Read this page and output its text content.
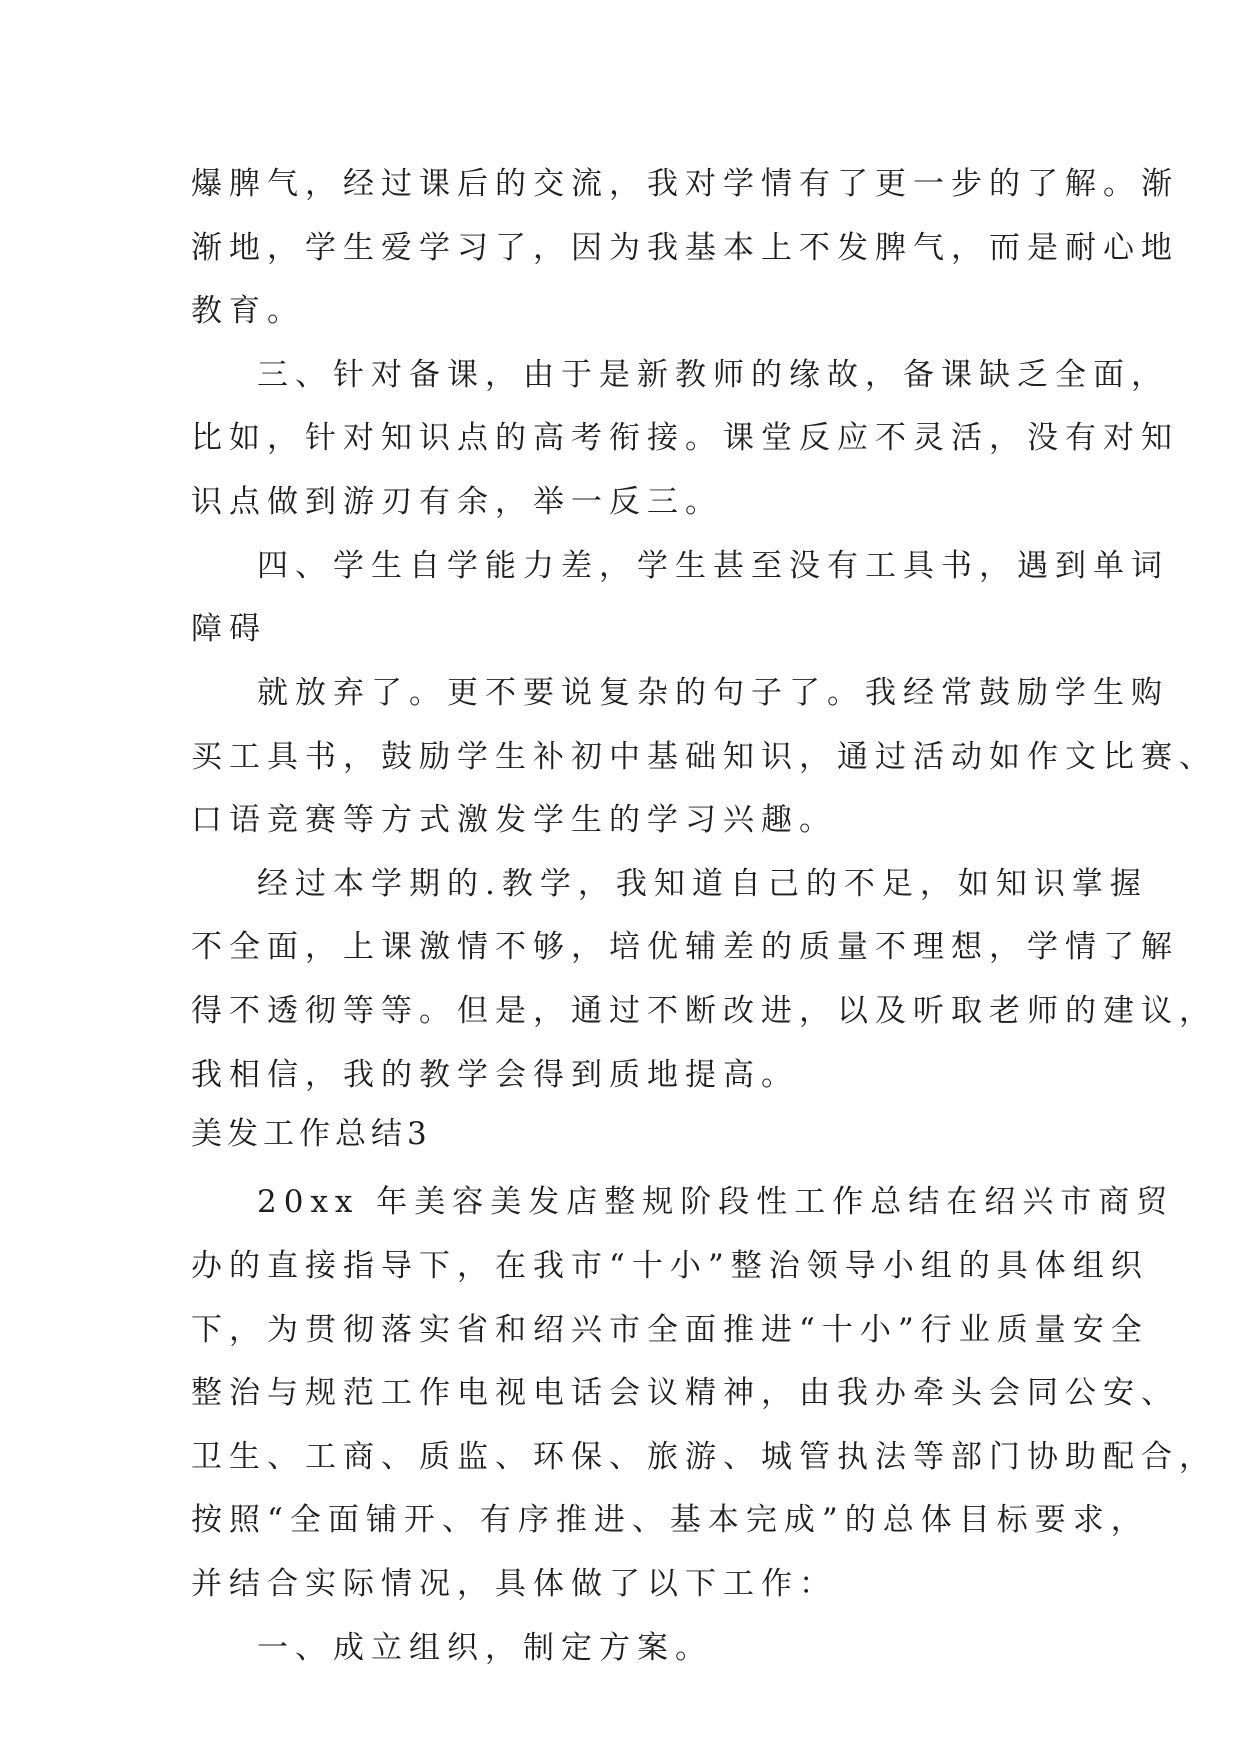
爆脾气，经过课后的交流，我对学情有了更一步的了解。渐

渐地，学生爱学习了，因为我基本上不发脾气，而是耐心地

教育。

三、针对备课，由于是新教师的缘故，备课缺乏全面，

比如，针对知识点的高考衔接。课堂反应不灵活，没有对知

识点做到游刃有余，举一反三。

四、学生自学能力差，学生甚至没有工具书，遇到单词

障碍

就放弃了。更不要说复杂的句子了。我经常鼓励学生购

买工具书，鼓励学生补初中基础知识，通过活动如作文比赛、

口语竞赛等方式激发学生的学习兴趣。

经过本学期的.教学，我知道自己的不足，如知识掌握

不全面，上课激情不够，培优辅差的质量不理想，学情了解

得不透彻等等。但是，通过不断改进，以及听取老师的建议，

我相信，我的教学会得到质地提高。

美发工作总结3

20xx 年美容美发店整规阶段性工作总结在绍兴市商贸

办的直接指导下，在我市“十小”整治领导小组的具体组织

下，为贯彻落实省和绍兴市全面推进“十小”行业质量安全

整治与规范工作电视电话会议精神，由我办牵头会同公安、

卫生、工商、质监、环保、旅游、城管执法等部门协助配合，

按照“全面铺开、有序推进、基本完成”的总体目标要求，

并结合实际情况，具体做了以下工作：

一、成立组织，制定方案。
